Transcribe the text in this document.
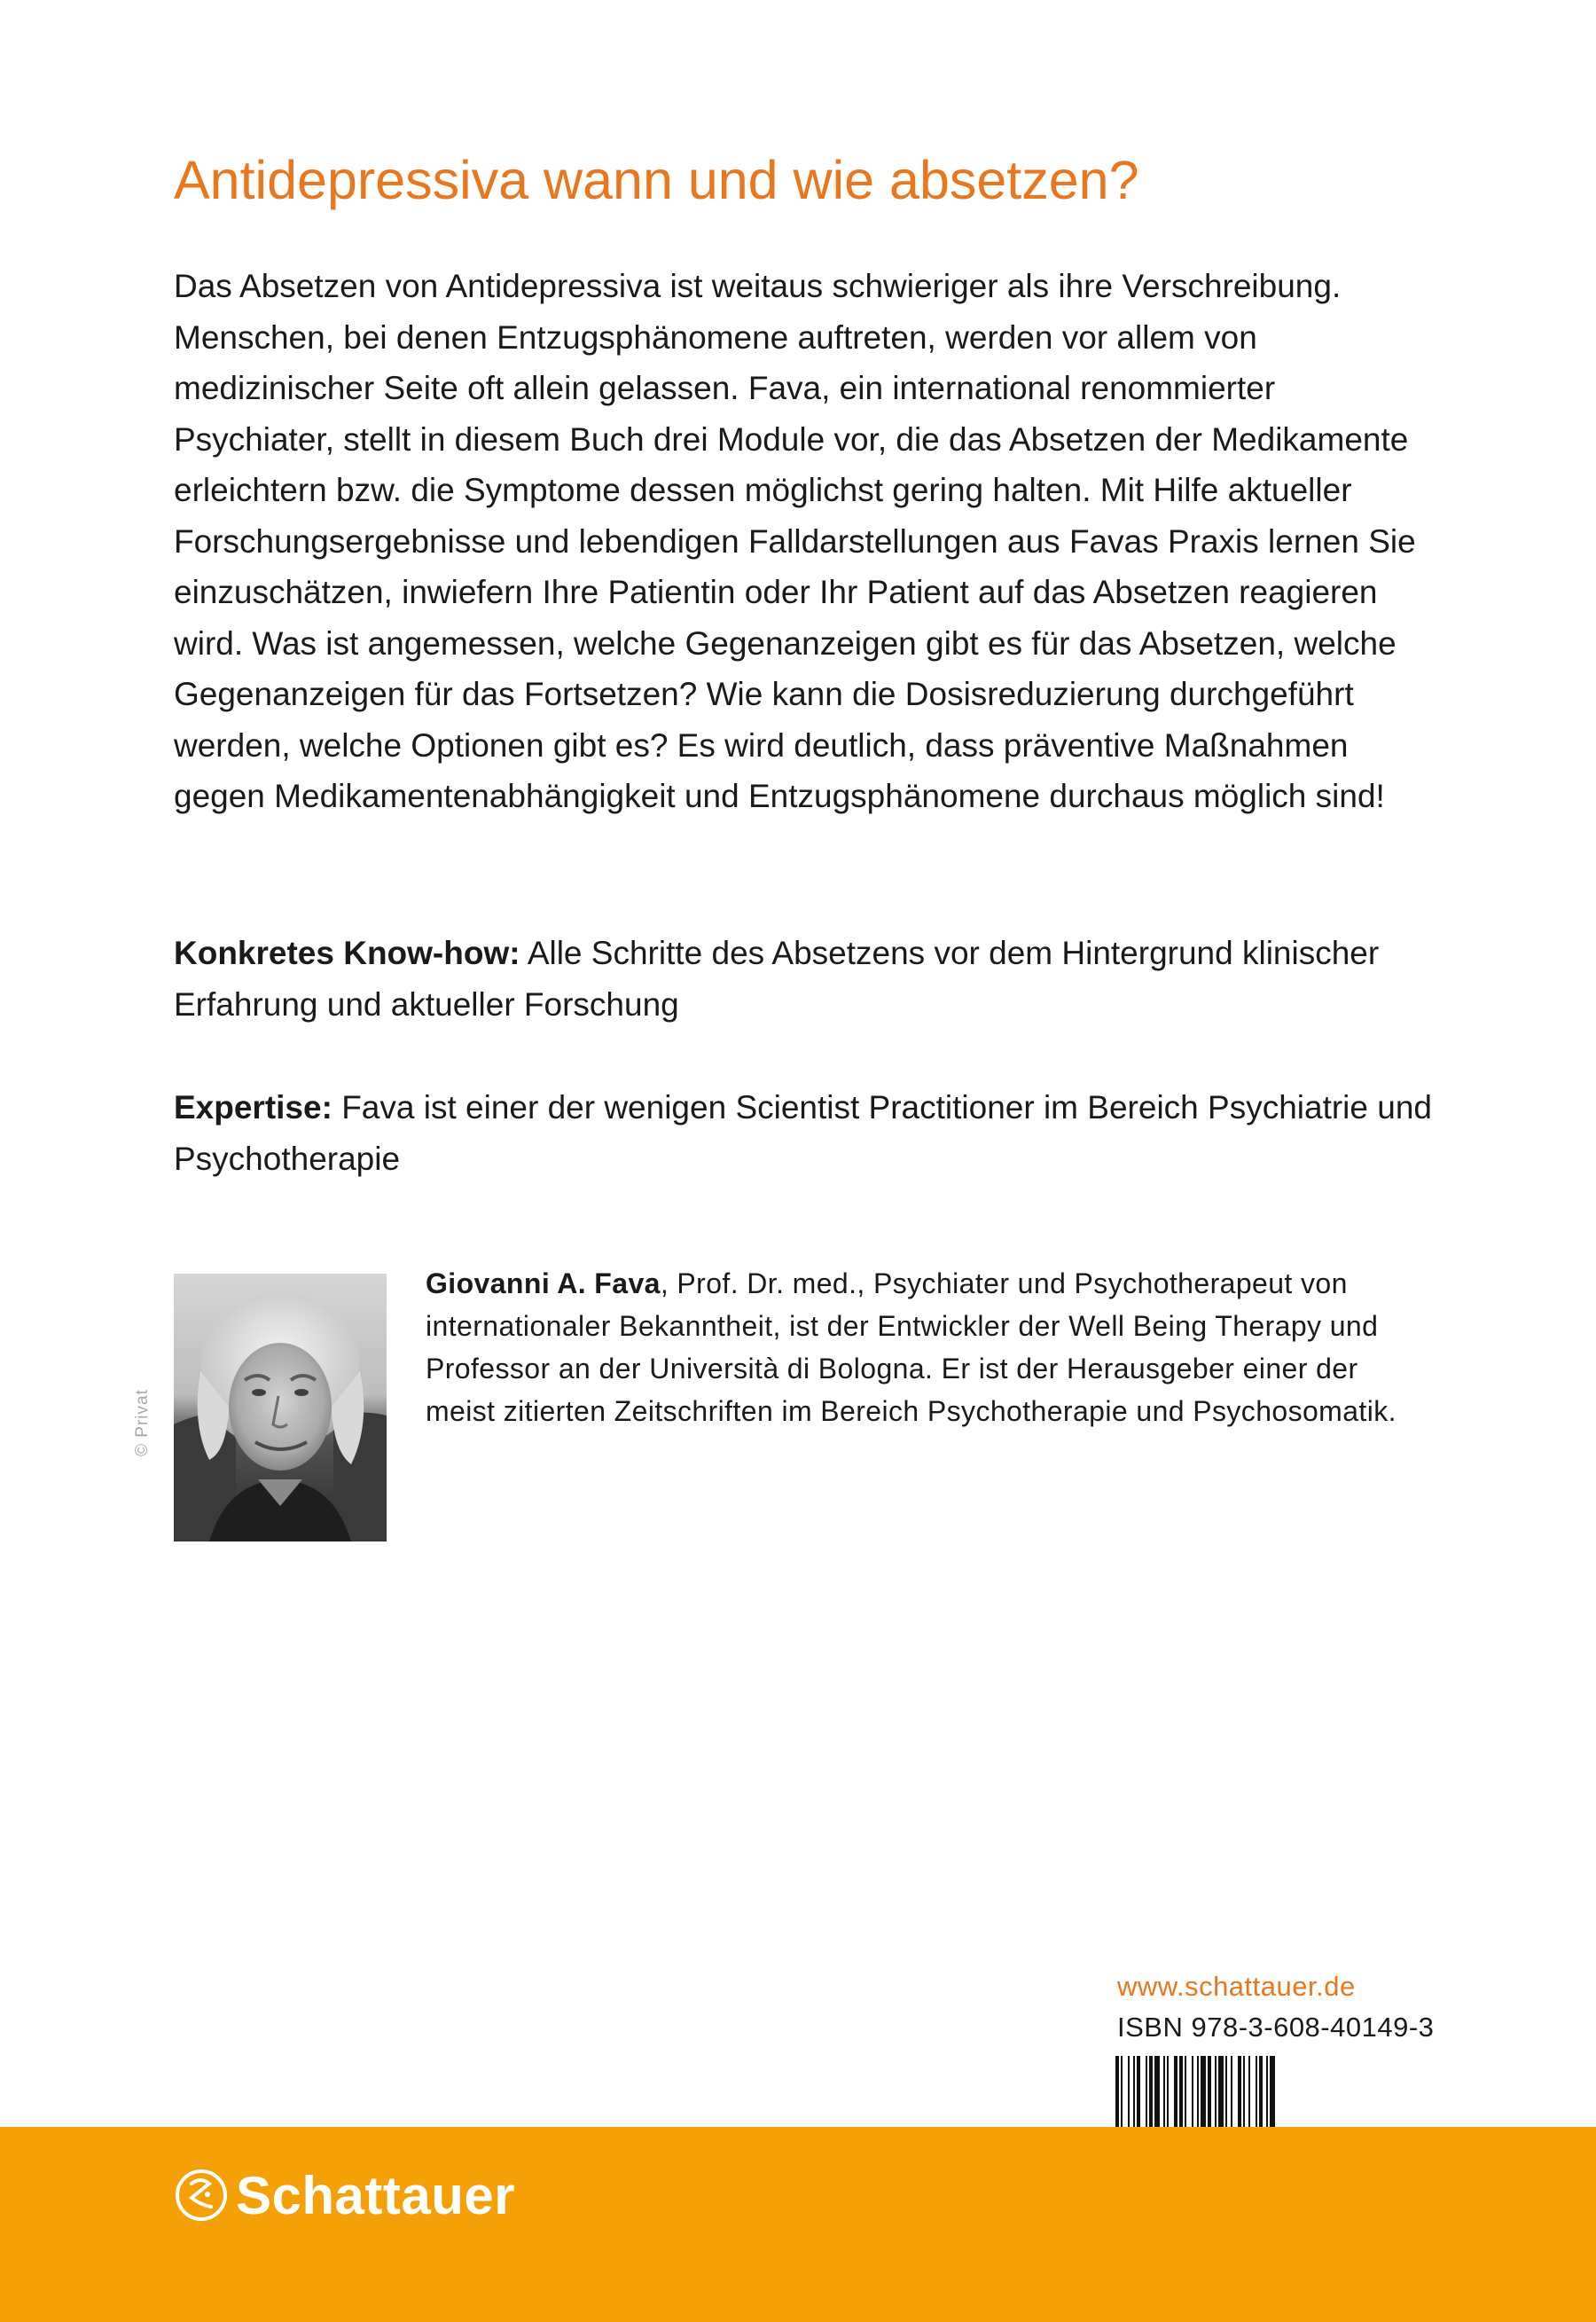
Antidepressiva wann und wie absetzen?

Das Absetzen von Antidepressiva ist weitaus schwieriger als ihre Verschreibung. Menschen, bei denen Entzugsphänomene auftreten, werden vor allem von medizinischer Seite oft allein gelassen. Fava, ein international renommierter Psychiater, stellt in diesem Buch drei Module vor, die das Absetzen der Medikamente erleichtern bzw. die Symptome dessen möglichst gering halten. Mit Hilfe aktueller Forschungsergebnisse und lebendigen Falldarstellungen aus Favas Praxis lernen Sie einzuschätzen, inwiefern Ihre Patientin oder Ihr Patient auf das Absetzen reagieren wird. Was ist angemessen, welche Gegenanzeigen gibt es für das Absetzen, welche Gegenanzeigen für das Fortsetzen? Wie kann die Dosisreduzierung durchgeführt werden, welche Optionen gibt es? Es wird deutlich, dass präventive Maßnahmen gegen Medikamentenabhängigkeit und Entzugsphänomene durchaus möglich sind!

Konkretes Know-how: Alle Schritte des Absetzens vor dem Hintergrund klinischer Erfahrung und aktueller Forschung

Expertise: Fava ist einer der wenigen Scientist Practitioner im Bereich Psychiatrie und Psychotherapie

© Privat

Giovanni A. Fava, Prof. Dr. med., Psychiater und Psychotherapeut von internationaler Bekanntheit, ist der Entwickler der Well Being Therapy und Professor an der Università di Bologna. Er ist der Herausgeber einer der meist zitierten Zeitschriften im Bereich Psychotherapie und Psychosomatik.

www.schattauer.de
ISBN 978-3-608-40149-3
Schattauer
